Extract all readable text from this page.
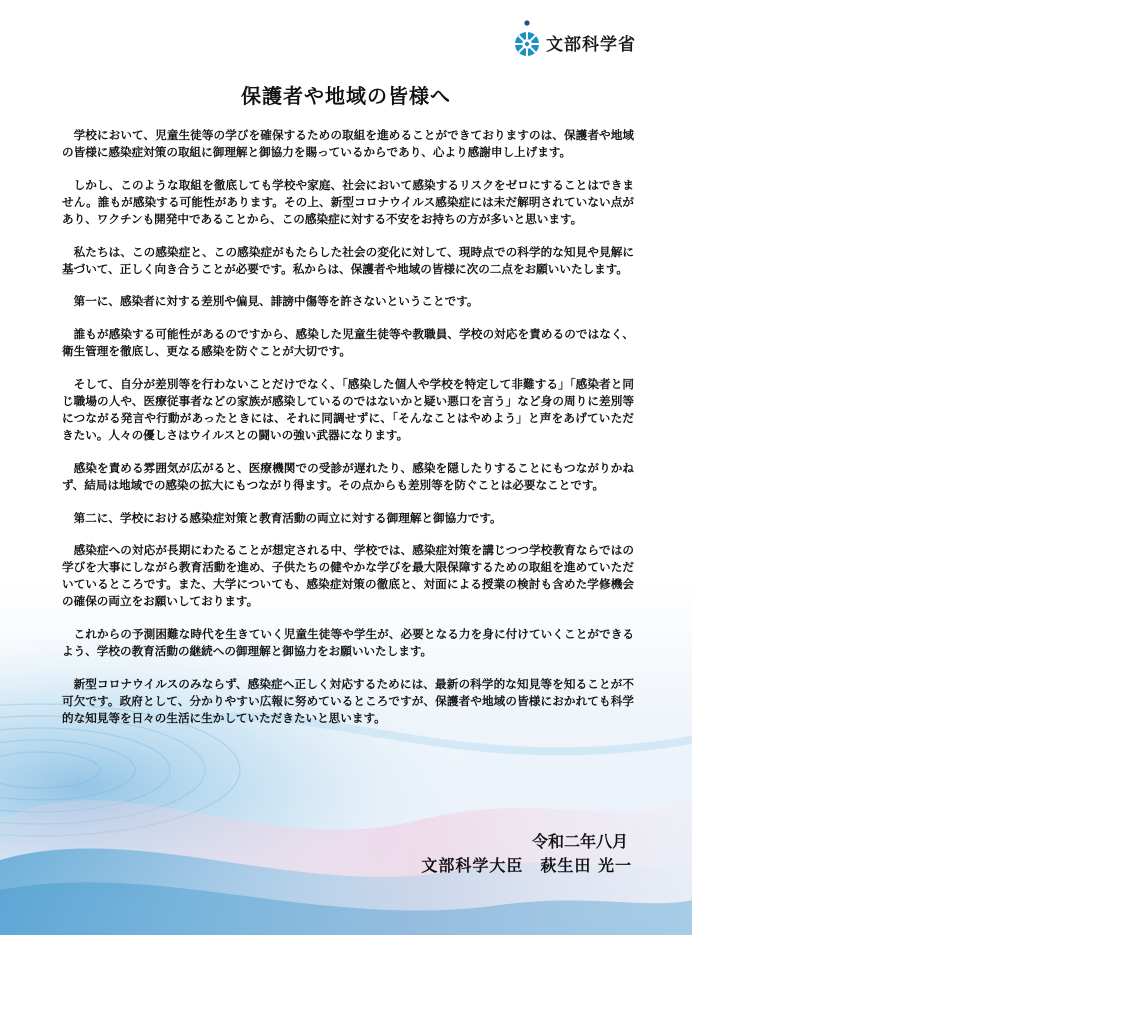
文部科学省
保護者や地域の皆様へ

学校において、児童生徒等の学びを確保するための取組を進めることができておりますのは、保護者や地域の皆様に感染症対策の取組に御理解と御協力を賜っているからであり、心より感謝申し上げます。

しかし、このような取組を徹底しても学校や家庭、社会において感染するリスクをゼロにすることはできません。誰もが感染する可能性があります。その上、新型コロナウイルス感染症には未だ解明されていない点があり、ワクチンも開発中であることから、この感染症に対する不安をお持ちの方が多いと思います。

私たちは、この感染症と、この感染症がもたらした社会の変化に対して、現時点での科学的な知見や見解に基づいて、正しく向き合うことが必要です。私からは、保護者や地域の皆様に次の二点をお願いいたします。

第一に、感染者に対する差別や偏見、誹謗中傷等を許さないということです。

誰もが感染する可能性があるのですから、感染した児童生徒等や教職員、学校の対応を責めるのではなく、衛生管理を徹底し、更なる感染を防ぐことが大切です。

そして、自分が差別等を行わないことだけでなく、「感染した個人や学校を特定して非難する」「感染者と同じ職場の人や、医療従事者などの家族が感染しているのではないかと疑い悪口を言う」など身の周りに差別等につながる発言や行動があったときには、それに同調せずに、「そんなことはやめよう」と声をあげていただきたい。人々の優しさはウイルスとの闘いの強い武器になります。

感染を責める雰囲気が広がると、医療機関での受診が遅れたり、感染を隠したりすることにもつながりかねず、結局は地域での感染の拡大にもつながり得ます。その点からも差別等を防ぐことは必要なことです。

第二に、学校における感染症対策と教育活動の両立に対する御理解と御協力です。

感染症への対応が長期にわたることが想定される中、学校では、感染症対策を講じつつ学校教育ならではの学びを大事にしながら教育活動を進め、子供たちの健やかな学びを最大限保障するための取組を進めていただいているところです。また、大学についても、感染症対策の徹底と、対面による授業の検討も含めた学修機会の確保の両立をお願いしております。

これからの予測困難な時代を生きていく児童生徒等や学生が、必要となる力を身に付けていくことができるよう、学校の教育活動の継続への御理解と御協力をお願いいたします。

新型コロナウイルスのみならず、感染症へ正しく対応するためには、最新の科学的な知見等を知ることが不可欠です。政府として、分かりやすい広報に努めているところですが、保護者や地域の皆様におかれても科学的な知見等を日々の生活に生かしていただきたいと思います。

令和二年八月
文部科学大臣　萩生田 光一
